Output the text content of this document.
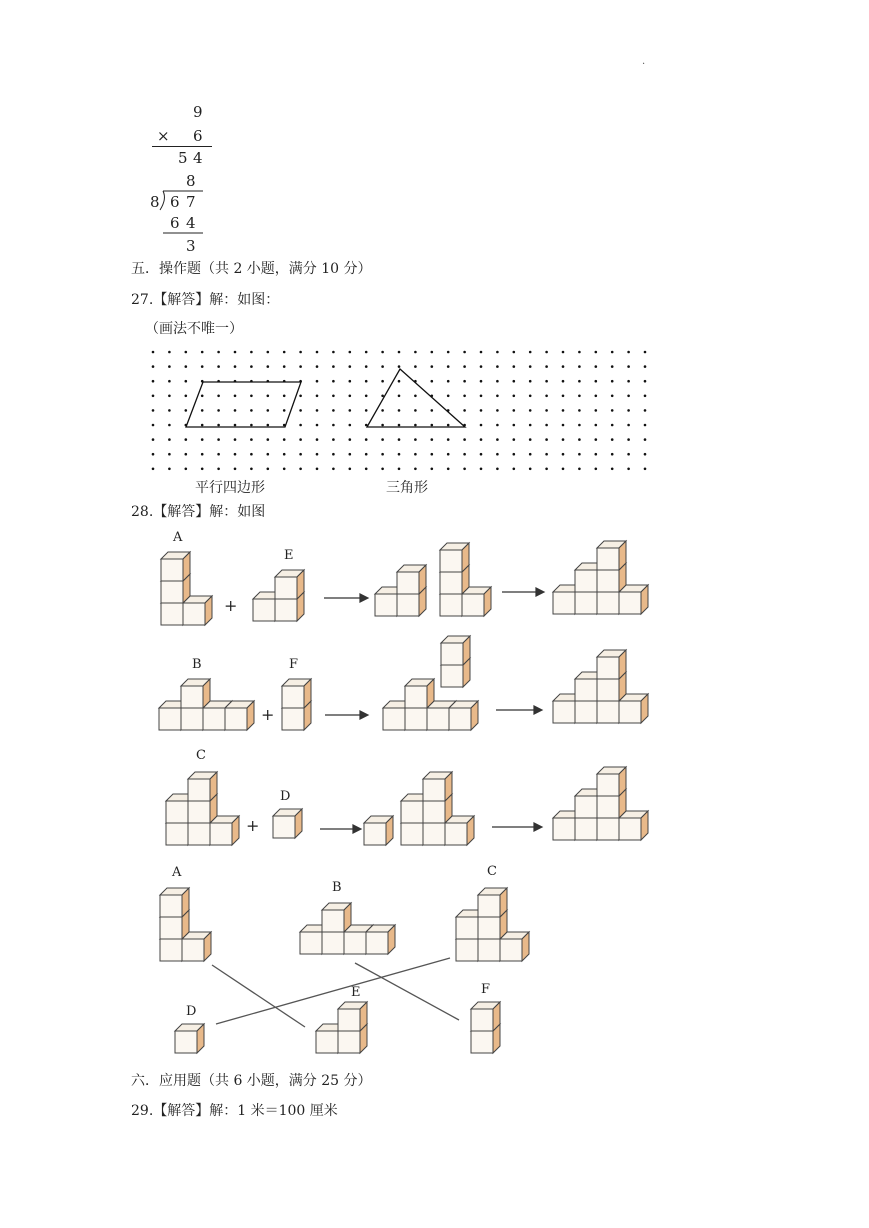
.
9
× 6
5 4
8
8 6 7
6 4
3
五．操作题（共 2 小题，满分 10 分）
27.【解答】解：如图：
（画法不唯一）
平行四边形	三角形
28.【解答】解：如图
A
E
+
B	F
+
C
D
+
A
B
C
D
E	F
六．应用题（共 6 小题，满分 25 分）
29.【解答】解：1 米＝100 厘米
